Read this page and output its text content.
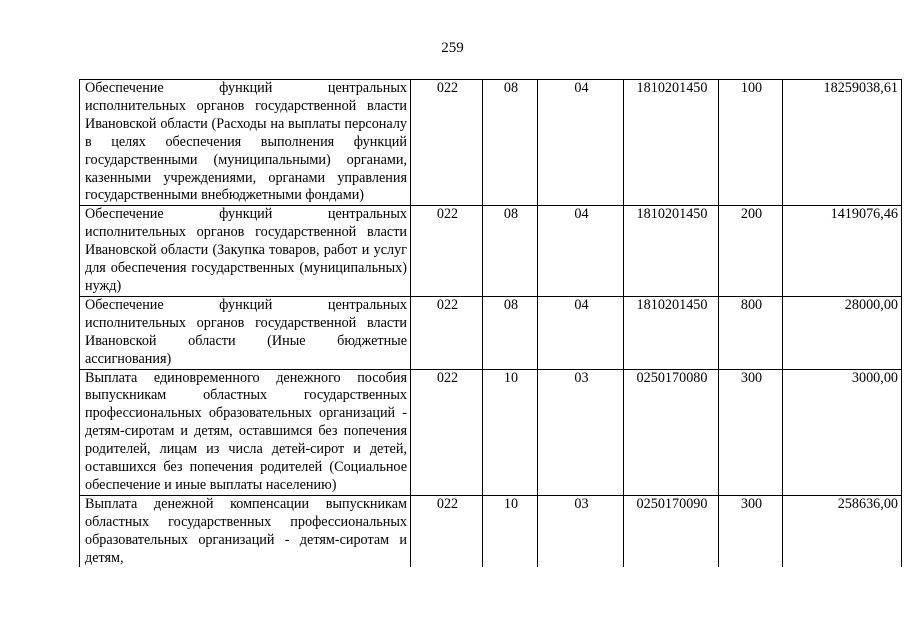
259
Обеспечение функций центральных исполнительных органов государственной власти Ивановской области (Расходы на выплаты персоналу в целях обеспечения выполнения функций государственными (муниципальными) органами, казенными учреждениями, органами управления государственными внебюджетными фондами)	022	08	04	1810201450	100	18259038,61
Обеспечение функций центральных исполнительных органов государственной власти Ивановской области (Закупка товаров, работ и услуг для обеспечения государственных (муниципальных) нужд)	022	08	04	1810201450	200	1419076,46
Обеспечение функций центральных исполнительных органов государственной власти Ивановской области (Иные бюджетные ассигнования)	022	08	04	1810201450	800	28000,00
Выплата единовременного денежного пособия выпускникам областных государственных профессиональных образовательных организаций - детям-сиротам и детям, оставшимся без попечения родителей, лицам из числа детей-сирот и детей, оставшихся без попечения родителей (Социальное обеспечение и иные выплаты населению)	022	10	03	0250170080	300	3000,00

Выплата денежной компенсации выпускникам областных государственных профессиональных образовательных организаций - детям-сиротам и детям,	022	10	03	0250170090	300	258636,00
